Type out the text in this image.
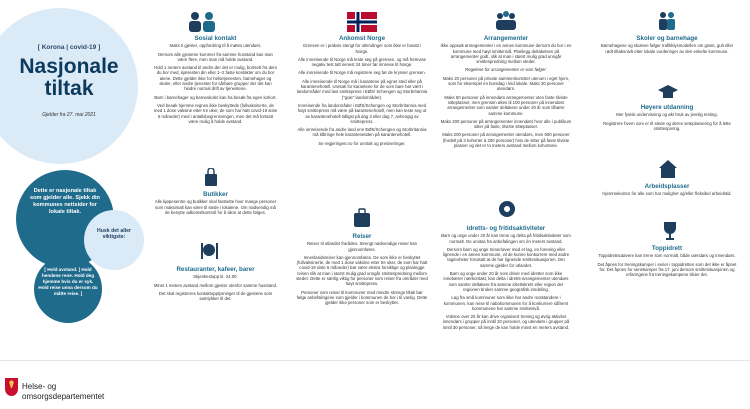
[ Korona | covid-19 ]
Nasjonale
tiltak
Gjelder fra 27. mai 2021
Dette er nasjonale tiltak som gjelder alle. Sjekk din kommunes nettsider for lokale tiltak.
Husk det aller viktigste:
[ Hold avstand. ] Hold hendene rene. Hold deg hjemme hvis du er syk. Hold reise unna dersom du måtte reise. ]
Sosial kontakt

Maks ti gjester, oppfordring til å møtes utendørs.

Dersom alle gjestene kommer fra samme husstand kan man være flere, men man må holde avstand.

Hold 1 meters avstand til andre der det er mulig, bortsett fra dem du bor med, kjæresten din eller 1–2 faste kontakter om du bor alene. Dette gjelder ikke for helsetjenesten, barnehager og skoler, eller andre tjenester for sårbare grupper der det kan hindre normal drift av tjenestene.

Barn i barnehager og barneskoler kan ha besøk fra egen kohort.

Ved besøk hjemme regnes ikke beskyttede (fullvaksinerte, de med 1 dose vaksine etter tre uker, de som har hatt covid-19 siste 6 måneder) med i antallsbegrensningen, men det må fortsatt være mulig å holde avstand.

Butikker

Alle kjøpesentre og butikker skal fastsette hvor mange personer som maksimalt kan være til stede i lokalene. Om nødvendig må de benytte adkomstkontroll for å sikre at dette følges.

Restauranter, kafeer, barer

Skjenkestopp kl. 24.00.

Minst 1 meters avstand mellom gjester utenfor samme husstand.

Det skal registreres kontaktopplysninger til de gjestene som samtykker til det.

Ankomst Norge

Grensen er i praksis stengt for utlendinger som ikke er bosatt i Norge.

Alle innreisende til Norge må teste seg på grensen, og må fremvise negativ test tatt senest 24 timer før innreise til Norge.

Alle innreisende til Norge må registrere seg før de krysser grensen.

Alle innreisende til Norge må i karantene på egnet sted eller på karantenehotell. Unntak for karantene for de som bare har vært i landområder med lavt smittepress i EØS/ Schengen og Storbritannia ("gule" landområder).

Innreisende fra landområder i EØS/Schengen og Storbritannia med høyt smittepress må være på karantenehotell, men kan teste seg ut av karantenehotell tidligst på dag 3 eller dag 7, avhengig av smittepress.

Alle innreisende fra andre land enn EØS/Schengen og Storbritannia må tilbringe hele karantenetiden på karantenehotell.

Se regjeringen.no for unntak og presiseringer.

Reiser

Reiser til utlandet frarådes. Strengt nødvendige reiser kan gjennomføres.

Innenlandsreiser kan gjennomføres. De som ikke er beskyttet (fullvaksinerte, de med 1 dose vaksine etter tre uker, de som har hatt covid-19 siste 6 måneder) bør være ekstra forsiktige og planlegge reisen slik at man i størst mulig grad unngår smittespredning mellom steder. Dette er særlig viktig for personer som reiser fra områder med høyt smittepress.

Personer som reiser til kommuner med mindre strenge tiltak bør følge anbefalingene som gjelder i kommunen de bor i til vanlig. Dette gjelder ikke personer som er beskyttet.

Arrangementer

Ikke oppsøk arrangementer i en annen kommune dersom du bor i en kommune med høyt smittenivå. Planlegg deltakelsen på arrangementer godt, slik at man i størst mulig grad unngår smittespredning mellom steder.

Regelene for arrangementer er som følger:

Maks 20 personer på private sammenkomster utenom i eget hjem, som for eksempel en bursdag i leid lokale. Maks 30 personer utendørs.

Maks 50 personer på innendørs arrangementer uten faste tilviste sitteplasser, men grensen økes til 100 personer på innendørs arrangementer som samler deltakere under 20 år som tilhører samme kommune.

Maks 200 personer på arrangementer innendørs hvor alle i publikum sitter på faste, tilviste sitteplasser.

Maks 200 personer på arrangementer utendørs, men 600 personer (fordelt på 3 kohorter à 200 personer) hvis de sitter på faste tilviste plasser og det er to meters avstand mellom kohortene.

Idretts- og fritidsaktiviteter

Barn og unge under 20 år kan trene og delta på fritidsaktiviteter som normalt. De unntas fra anbefalingen om én meters avstand.

Dersom barn og unge trener/øver med et lag, en forening eller lignende i en annen kommune, vil de kunne konkurrere med andre lag/enheter forutsatt at de har lignende smittesituasjonen. Det samme gjelder for utlandet.

Barn og unge under 20 år som driver med idretter som ikke innebærer nærkontakt, kan delta i idretts-arrangementer utendørs som samler deltakere fra samme idrettskrets eller region der regionen bruker samme geografisk inndeling.

Lag fra små kommuner som ikke har andre motstandere i kommunen, kan reise til nabokommunen for å konkurrere såfremt kommunene har samme smittenivå.

Voksne over 20 år kan drive organisert trening og øvrig aktivitet innendørs i grupper på inntil 20 personer, og utendørs i grupper på inntil 30 personer, så lenge de kan holde minst én meters avstand.

Skoler og barnehage

Barnehagene og skolene følger trafikklysmodellen om grønt, gult eller rødt tiltaksnivå etter lokale vurderinger av den enkelte kommune.

Høyere utdanning

Mer fysisk undervisning og økt bruk av jevnlig testing.

Registrere hvem som er til stede og deres seteplassering for å lette smittesporing.

Arbeidsplasser

Hjemmekontor for alle som har mulighet og/eller fleksibel arbeidstid.

Toppidrett

Toppidrettsutøvere kan trene som normalt, både utendørs og innendørs.

Det åpnes for treningskamper i serier i toppidretten som det ikke er åpnet for. Det åpnes for seriekamper fra 17. juni dersom smittesituasjonen og erfaringene fra treningskampene tilsier det.

Helse- og
omsorgsdepartementet
